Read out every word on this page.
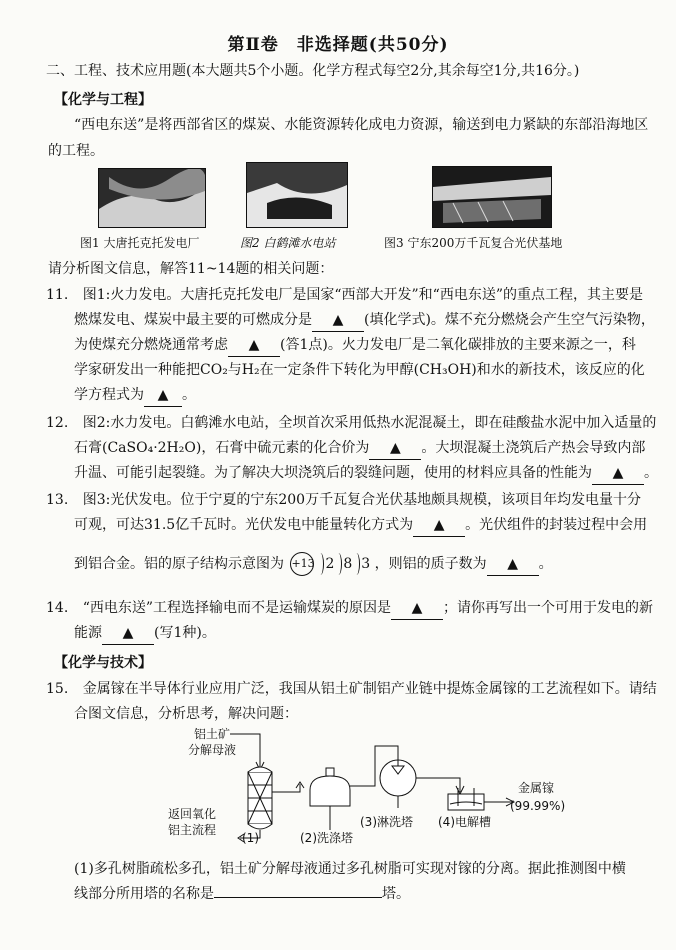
第Ⅱ卷　非选择题(共50分)
二、工程、技术应用题(本大题共5个小题。化学方程式每空2分,其余每空1分,共16分。)
【化学与工程】
“西电东送”是将西部省区的煤炭、水能资源转化成电力资源，输送到电力紧缺的东部沿海地区
的工程。
图1 大唐托克托发电厂	图2 白鹤滩水电站	图3 宁东200万千瓦复合光伏基地
请分析图文信息，解答11~14题的相关问题：
11. 图1:火力发电。大唐托克托发电厂是国家“西部大开发”和“西电东送”的重点工程，其主要是
燃煤发电、煤炭中最主要的可燃成分是 ▲ (填化学式)。煤不充分燃烧会产生空气污染物，
为使煤充分燃烧通常考虑 ▲ (答1点)。火力发电厂是二氧化碳排放的主要来源之一，科
学家研发出一种能把CO₂与H₂在一定条件下转化为甲醇(CH₃OH)和水的新技术，该反应的化
学方程式为 ▲ 。
12. 图2:水力发电。白鹤滩水电站，全坝首次采用低热水泥混凝土，即在硅酸盐水泥中加入适量的
石膏(CaSO₄·2H₂O)，石膏中硫元素的化合价为 ▲ 。大坝混凝土浇筑后产热会导致内部
升温、可能引起裂缝。为了解决大坝浇筑后的裂缝问题，使用的材料应具备的性能为 ▲ 。
13. 图3:光伏发电。位于宁夏的宁东200万千瓦复合光伏基地颇具规模，该项目年均发电量十分
可观，可达31.5亿千瓦时。光伏发电中能量转化方式为 ▲ 。光伏组件的封装过程中会用
到铝合金。铝的原子结构示意图为 +13 2 8 3 ，则铝的质子数为 ▲ 。
14. “西电东送”工程选择输电而不是运输煤炭的原因是 ▲ ；请你再写出一个可用于发电的新
能源 ▲ (写1种)。
【化学与技术】
15. 金属镓在半导体行业应用广泛，我国从铝土矿制铝产业链中提炼金属镓的工艺流程如下。请结
合图文信息，分析思考，解决问题：
铝土矿
分解母液
返回氧化
铝主流程
金属镓
(99.99%)
(1)	(2)洗涤塔
(3)淋洗塔 (4)电解槽
(1)多孔树脂疏松多孔，铝土矿分解母液通过多孔树脂可实现对镓的分离。据此推测图中横
线部分所用塔的名称是	塔。
